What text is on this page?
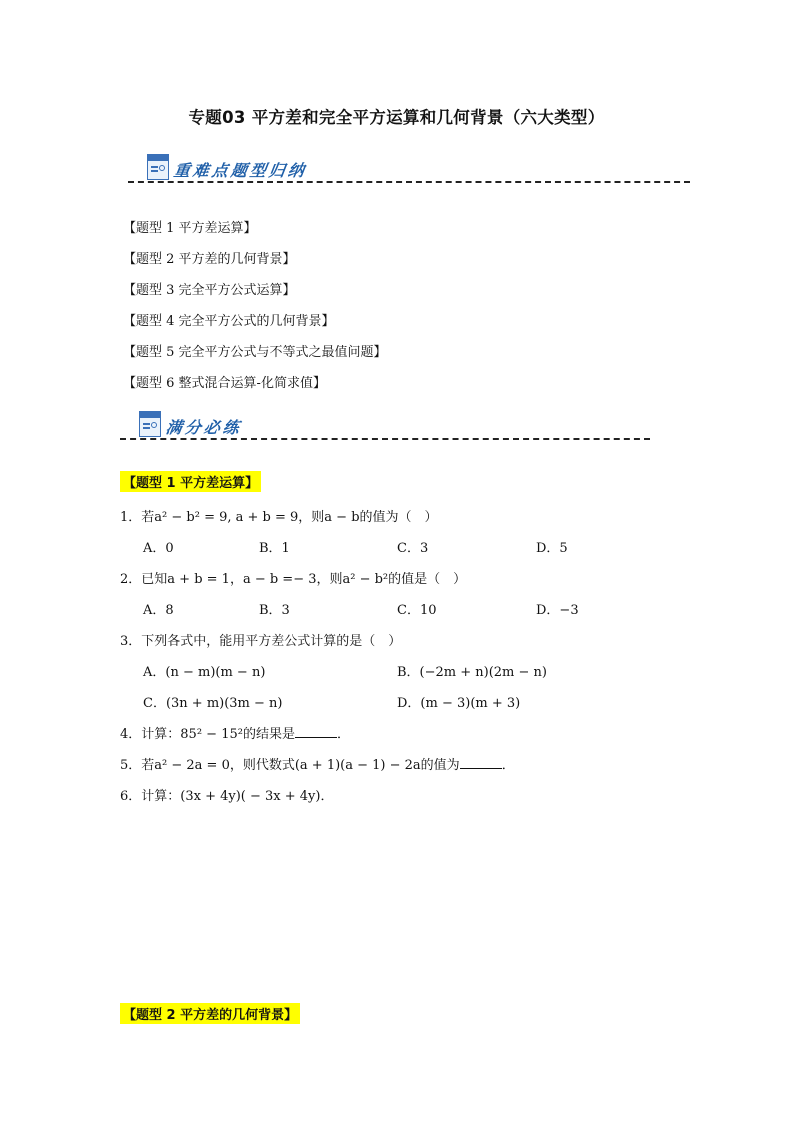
专题03 平方差和完全平方运算和几何背景（六大类型）
重难点题型归纳
【题型 1 平方差运算】
【题型 2 平方差的几何背景】
【题型 3 完全平方公式运算】
【题型 4 完全平方公式的几何背景】
【题型 5 完全平方公式与不等式之最值问题】
【题型 6 整式混合运算-化简求值】
满分必练
【题型 1 平方差运算】
1．若a² − b² = 9, a + b = 9，则a − b的值为（　）
A．0	B．1	C．3	D．5
2．已知a + b = 1，a − b =− 3，则a² − b²的值是（　）
A．8	B．3	C．10	D．−3
3．下列各式中，能用平方差公式计算的是（　）
A．(n − m)(m − n)	B．(−2m + n)(2m − n)
C．(3n + m)(3m − n)	D．(m − 3)(m + 3)
4．计算：85² − 15²的结果是	．
5．若a² − 2a = 0，则代数式(a + 1)(a − 1) − 2a的值为	．
6．计算：(3x + 4y)( − 3x + 4y)．
【题型 2 平方差的几何背景】
